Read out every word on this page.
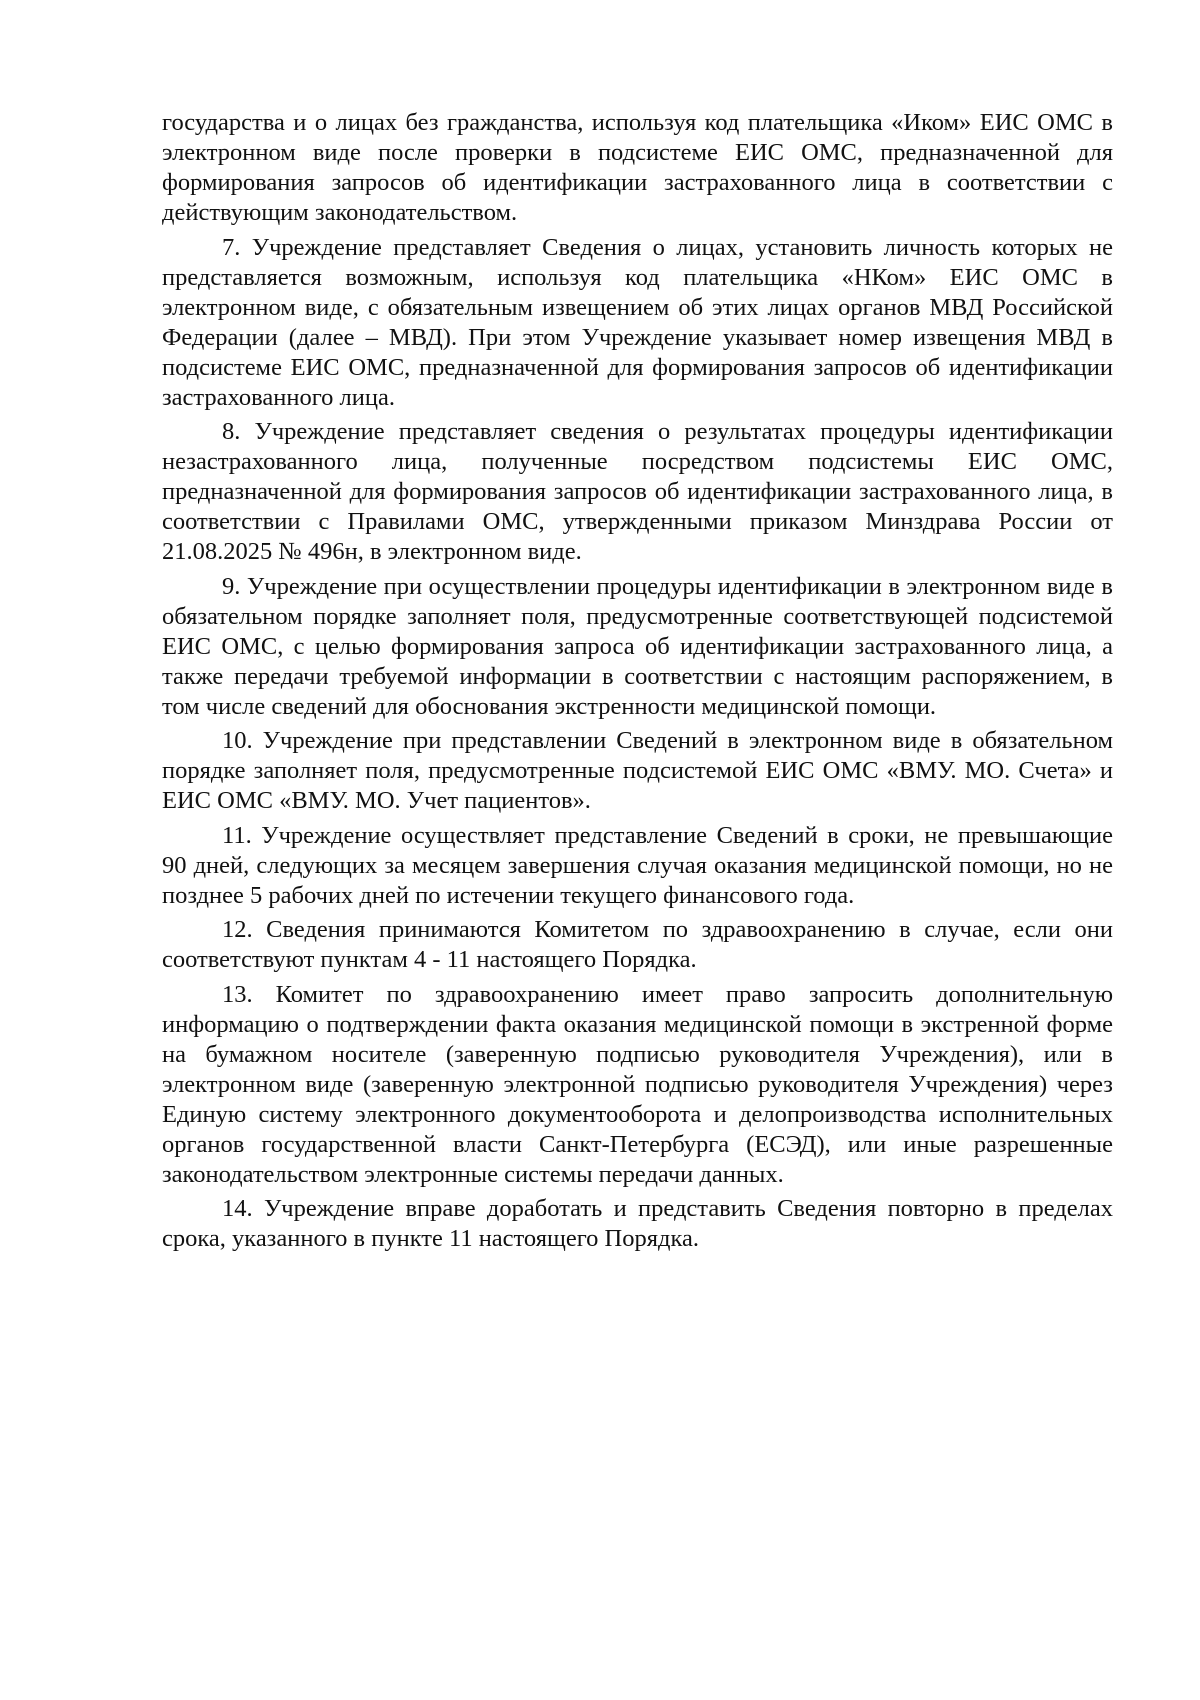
государства и о лицах без гражданства, используя код плательщика «Иком» ЕИС ОМС в электронном виде после проверки в подсистеме ЕИС ОМС, предназначенной для формирования запросов об идентификации застрахованного лица в соответствии с действующим законодательством.

7. Учреждение представляет Сведения о лицах, установить личность которых не представляется возможным, используя код плательщика «НКом» ЕИС ОМС в электронном виде, с обязательным извещением об этих лицах органов МВД Российской Федерации (далее – МВД). При этом Учреждение указывает номер извещения МВД в подсистеме ЕИС ОМС, предназначенной для формирования запросов об идентификации застрахованного лица.

8. Учреждение представляет сведения о результатах процедуры идентификации незастрахованного лица, полученные посредством подсистемы ЕИС ОМС, предназначенной для формирования запросов об идентификации застрахованного лица, в соответствии с Правилами ОМС, утвержденными приказом Минздрава России от 21.08.2025 № 496н, в электронном виде.

9. Учреждение при осуществлении процедуры идентификации в электронном виде в обязательном порядке заполняет поля, предусмотренные соответствующей подсистемой ЕИС ОМС, с целью формирования запроса об идентификации застрахованного лица, а также передачи требуемой информации в соответствии с настоящим распоряжением, в том числе сведений для обоснования экстренности медицинской помощи.

10. Учреждение при представлении Сведений в электронном виде в обязательном порядке заполняет поля, предусмотренные подсистемой ЕИС ОМС «ВМУ. МО. Счета» и ЕИС ОМС «ВМУ. МО. Учет пациентов».

11. Учреждение осуществляет представление Сведений в сроки, не превышающие 90 дней, следующих за месяцем завершения случая оказания медицинской помощи, но не позднее 5 рабочих дней по истечении текущего финансового года.

12. Сведения принимаются Комитетом по здравоохранению в случае, если они соответствуют пунктам 4 - 11 настоящего Порядка.

13. Комитет по здравоохранению имеет право запросить дополнительную информацию о подтверждении факта оказания медицинской помощи в экстренной форме на бумажном носителе (заверенную подписью руководителя Учреждения), или в электронном виде (заверенную электронной подписью руководителя Учреждения) через Единую систему электронного документооборота и делопроизводства исполнительных органов государственной власти Санкт-Петербурга (ЕСЭД), или иные разрешенные законодательством электронные системы передачи данных.

14. Учреждение вправе доработать и представить Сведения повторно в пределах срока, указанного в пункте 11 настоящего Порядка.
